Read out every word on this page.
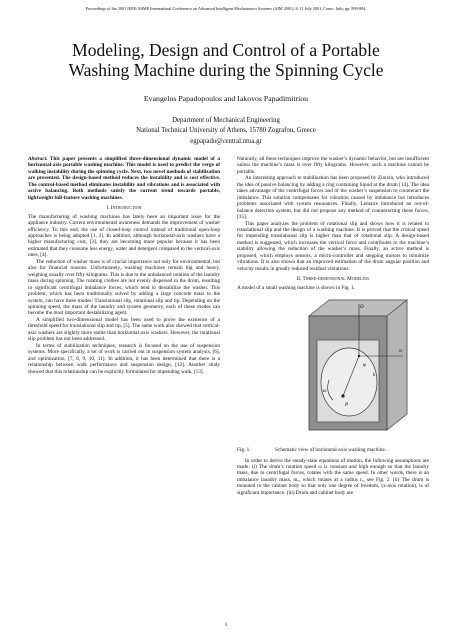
Proceedings of the 2001 IEEE/ASME International Conference on Advanced Intelligent Mechatronics Systems (AIM 2001), 8–11 July 2001, Como, Italy, pp. 899-904.
Modeling, Design and Control of a Portable
Washing Machine during the Spinning Cycle
Evangelos Papadopoulos and Iakovos Papadimitriou
Department of Mechanical Engineering
National Technical University of Athens, 15780 Zografou, Greece
egpapado@central.ntua.gr
Abstract. This paper presents a simplified three-dimensional dynamic model of a horizontal-axis portable washing machine. This model is used to predict the verge of walking instability during the spinning cycle. Next, two novel methods of stabilization are presented. The design-based method reduces the instability and is cost effective. The control-based method eliminates instability and vibrations and is associated with active balancing. Both methods satisfy the current trend towards portable, lightweight full-feature washing machines.
I. Introduction

The manufacturing of washing machines has lately been an important issue for the appliance industry. Current environmental awareness demands the improvement of washer efficiency. To this end, the use of closed-loop control instead of traditional open-loop approaches is being adopted [1, 2]. In addition, although horizontal-axis washers have a higher manufacturing cost, [3], they are becoming more popular because it has been estimated that they consume less energy, water and detergent compared to the vertical-axis ones, [4].

The reduction of washer mass is of crucial importance not only for environmental, but also for financial reasons. Unfortunately, washing machines remain big and heavy, weighing usually over fifty kilograms. This is due to the unbalanced rotation of the laundry mass during spinning. The rotating clothes are not evenly dispersed in the drum, resulting in significant centrifugal imbalance forces, which tend to destabilize the washer. This problem, which has been traditionally solved by adding a large concrete mass to the system, can have three modes: Translational slip, rotational slip and tip. Depending on the spinning speed, the mass of the laundry and system geometry, each of these modes can become the most important destabilizing agent.

A simplified two-dimensional model has been used to prove the existence of a threshold speed for translational slip and tip, [5]. The same work also showed that vertical-axis washers are slightly more stable than horizontal-axis washers. However, the rotational slip problem has not been addressed.

In terms of stabilization techniques, research is focused on the use of suspension systems. More specifically, a lot of work is carried out in suspension system analysis, [6], and optimization, [7, 8, 9, 10, 11]. In addition, it has been determined that there is a relationship between walk performance and suspension design, [12]. Another study showed that this relationship can be explicitly formulated for impending walk, [13].

Naturally, all these techniques improve the washer’s dynamic behavior, but are insufficient unless the machine’s mass is over fifty kilograms. However, such a machine cannot be portable.

An interesting approach to stabilization has been proposed by Zuoxin, who introduced the idea of passive balancing by adding a ring containing liquid at the drum [14]. The idea takes advantage of the centrifugal forces and of the washer’s suspension to counteract the imbalance. This solution compensates for vibration caused by imbalance but introduces problems associated with system resonances. Finally, Lemaire introduced an out-of-balance detection system, but did not propose any method of counteracting these forces, [15].

This paper analyzes the problem of rotational slip and shows how it is related to translational slip and the design of a washing machine. It is proved that the critical speed for impending translational slip is higher than that of rotational slip. A design-based method is suggested, which increases the vertical force and contributes to the machine’s stability allowing the reduction of the washer’s mass. Finally, an active method is proposed, which employs sensors, a micro-controller and stepping motors to minimize vibrations. It is also shown that an improved estimation of the drum angular position and velocity results in greatly reduced residual vibrations.

II. Three-dimensional Modeling

A model of a small washing machine is shown in Fig. 1.

O
φ
w
k
ω
P
Fig. 1.	Schematic view of horizontal-axis washing machine.

In order to derive the steady-state equations of motion, the following assumptions are made: (i) The drum’s rotation speed ω is constant and high enough so that the laundry mass, due to centrifugal forces, rotates with the same speed. In other words, there is an imbalance laundry mass, mₒ, which rotates at a radius rₒ, see Fig. 2. (ii) The drum is mounted to the cabinet body so that only one degree of freedom, (x-axis rotation), is of significant importance. (iii) Drum and cabinet body are

1
